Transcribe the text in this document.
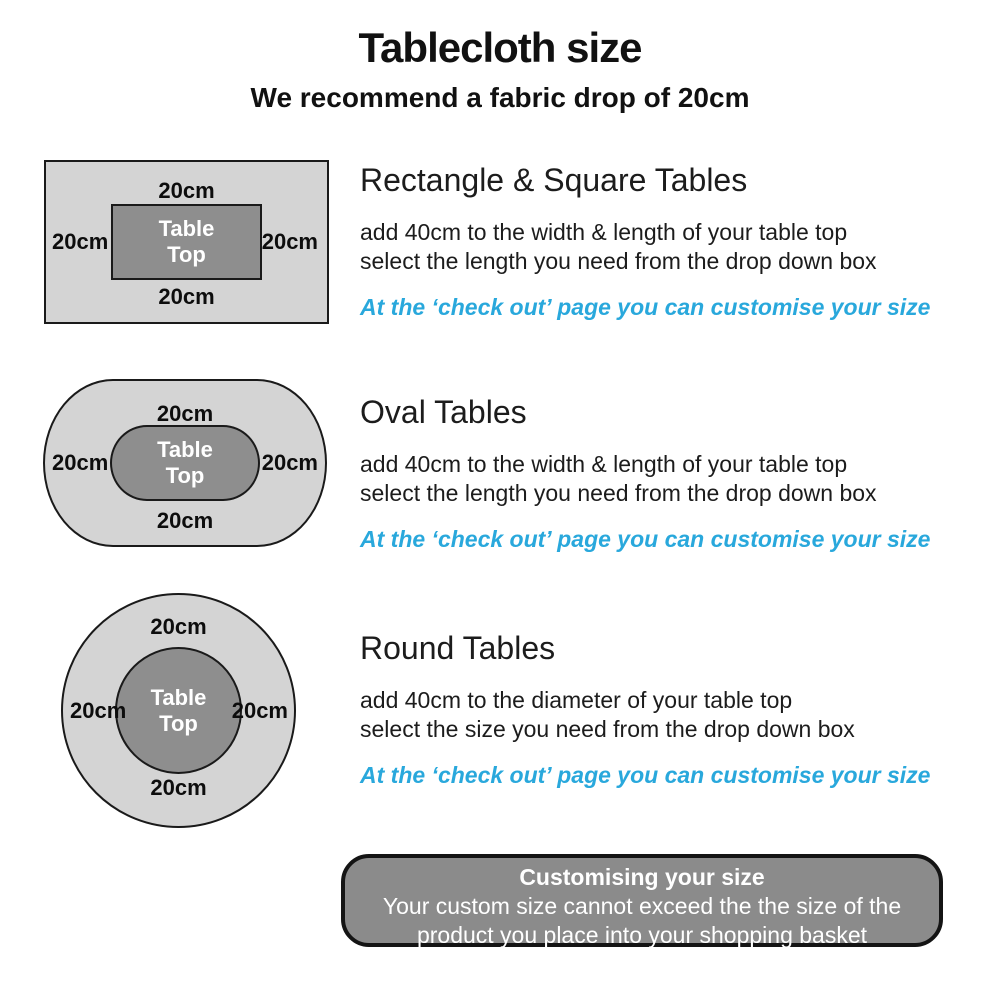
Tablecloth size
We recommend a fabric drop of 20cm
20cm
20cm
20cm	20cm
Table
Top
20cm
20cm
20cm	20cm
Table
Top
20cm
20cm
20cm	20cm
Table
Top
Rectangle & Square Tables
add 40cm to the width & length of your table top
select the length you need from the drop down box
At the ‘check out’ page you can customise your size
Oval Tables
add 40cm to the width & length of your table top
select the length you need from the drop down box
At the ‘check out’ page you can customise your size
Round Tables
add 40cm to the diameter of your table top
select the size you need from the drop down box
At the ‘check out’ page you can customise your size
Customising your size
Your custom size cannot exceed the the size of the
product you place into your shopping basket
